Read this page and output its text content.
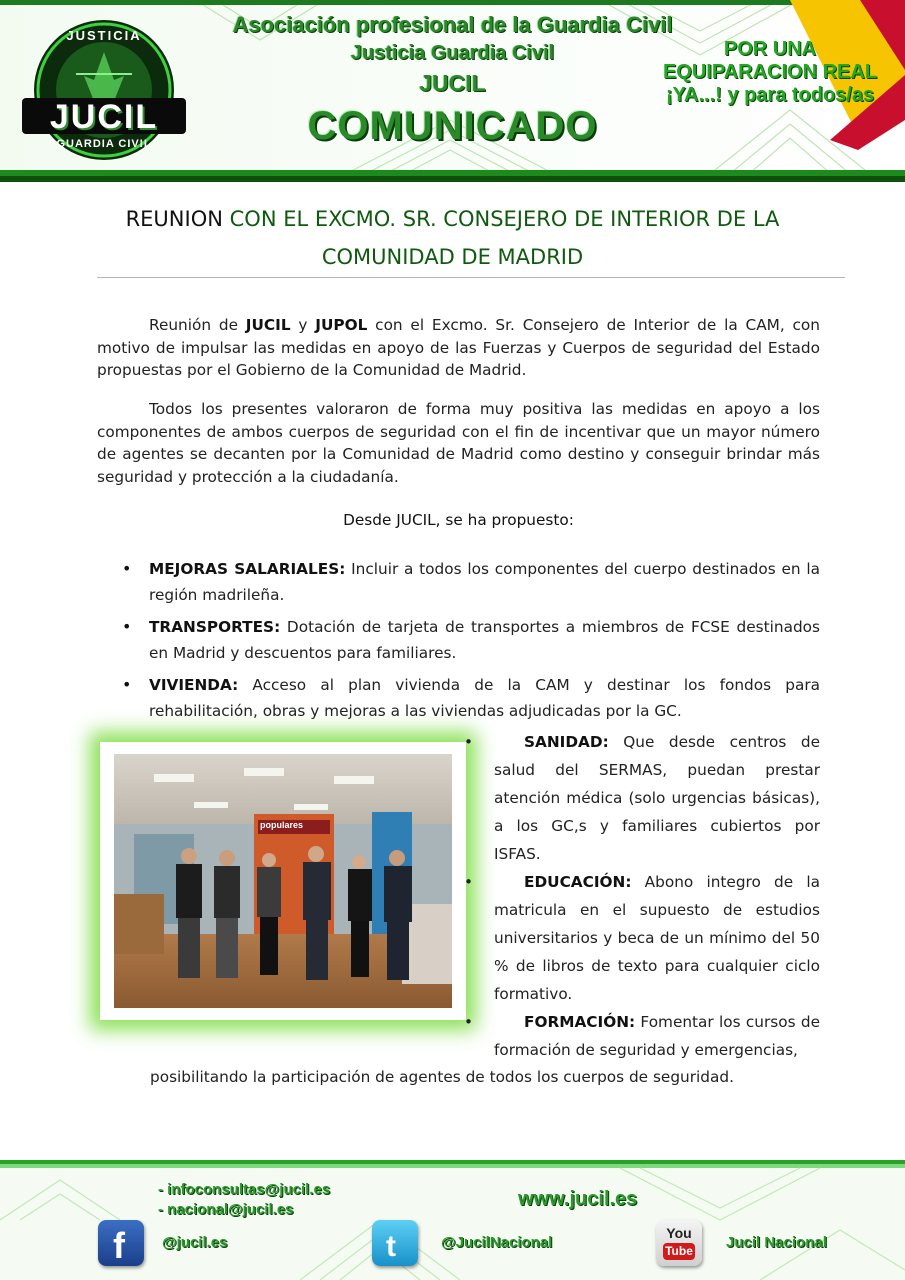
JUSTICIA
JUCIL
GUARDIA CIVIL
Asociación profesional de la Guardia Civil
Justicia Guardia Civil
JUCIL
COMUNICADO
POR UNA
EQUIPARACION REAL
¡YA...! y para todos/as
REUNION CON EL EXCMO. SR. CONSEJERO DE INTERIOR DE LA
COMUNIDAD DE MADRID

Reunión de JUCIL y JUPOL con el Excmo. Sr. Consejero de Interior de la CAM, con motivo de impulsar las medidas en apoyo de las Fuerzas y Cuerpos de seguridad del Estado propuestas por el Gobierno de la Comunidad de Madrid.

Todos los presentes valoraron de forma muy positiva las medidas en apoyo a los componentes de ambos cuerpos de seguridad con el fin de incentivar que un mayor número de agentes se decanten por la Comunidad de Madrid como destino y conseguir brindar más seguridad y protección a la ciudadanía.

Desde JUCIL, se ha propuesto:
• MEJORAS SALARIALES: Incluir a todos los componentes del cuerpo destinados en la región madrileña.
• TRANSPORTES: Dotación de tarjeta de transportes a miembros de FCSE destinados en Madrid y descuentos para familiares.
• VIVIENDA: Acceso al plan vivienda de la CAM y destinar los fondos para rehabilitación, obras y mejoras a las viviendas adjudicadas por la GC.
populares
•	SANIDAD: Que desde centros de salud del SERMAS, puedan prestar atención médica (solo urgencias básicas), a los GC,s y familiares cubiertos por ISFAS.
•	EDUCACIÓN: Abono integro de la matricula en el supuesto de estudios universitarios y beca de un mínimo del 50 % de libros de texto para cualquier ciclo formativo.
•	FORMACIÓN: Fomentar los cursos de formación de seguridad y emergencias,
posibilitando la participación de agentes de todos los cuerpos de seguridad.
- infoconsultas@jucil.es
- nacional@jucil.es	www.jucil.es
f @jucil.es	t	@JucilNacional
You
Tube Jucil Nacional
